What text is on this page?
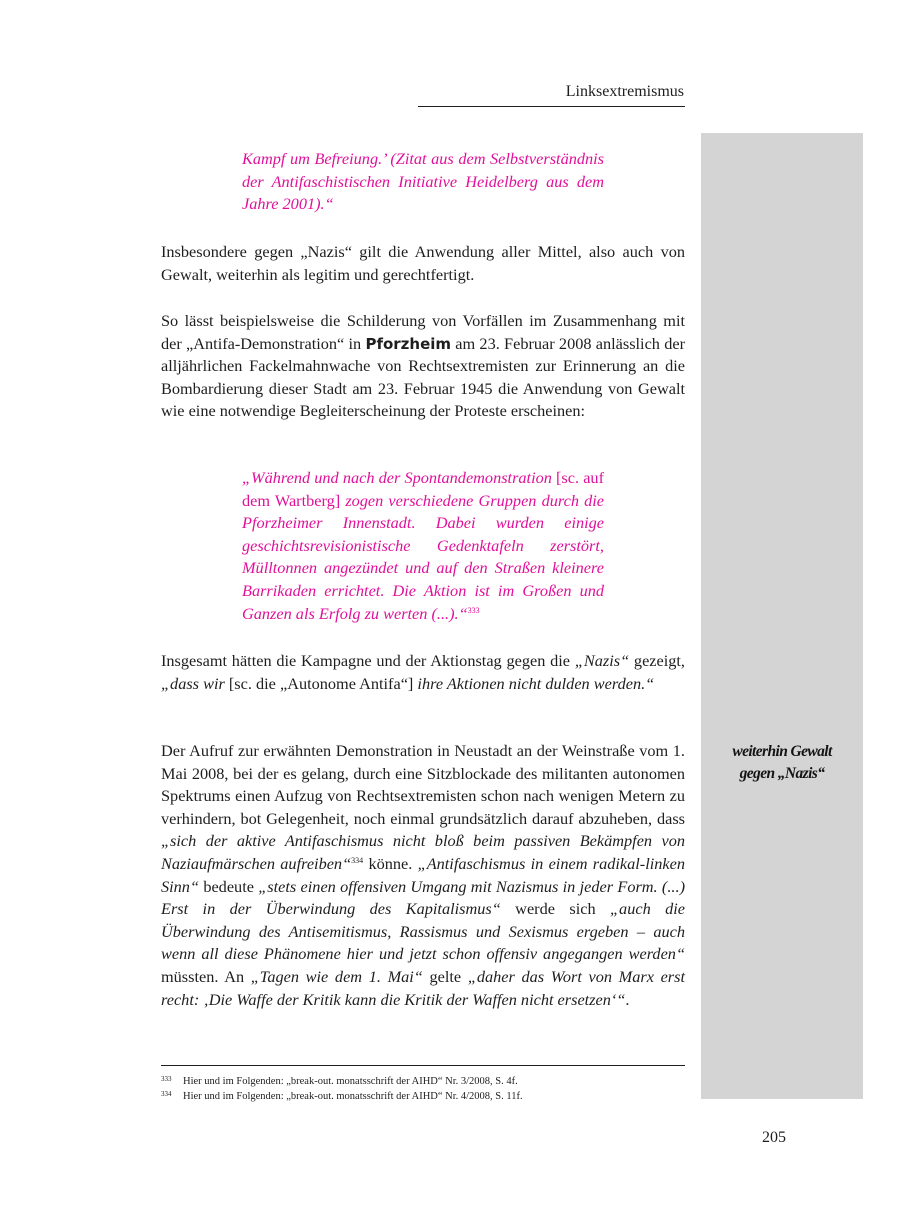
Linksextremismus
weiterhin Gewalt
gegen „Nazis“

Kampf um Befreiung.’ (Zitat aus dem Selbstverständnis der Antifaschistischen Initiative Heidelberg aus dem Jahre 2001).“

Insbesondere gegen „Nazis“ gilt die Anwendung aller Mittel, also auch von Gewalt, weiterhin als legitim und gerechtfertigt.

So lässt beispielsweise die Schilderung von Vorfällen im Zusammenhang mit der „Antifa-Demonstration“ in Pforzheim am 23. Februar 2008 anlässlich der alljährlichen Fackelmahnwache von Rechtsextremisten zur Erinnerung an die Bombardierung dieser Stadt am 23. Februar 1945 die Anwendung von Gewalt wie eine notwendige Begleiterscheinung der Proteste erscheinen:

„Während und nach der Spontandemonstration [sc. auf dem Wartberg] zogen verschiedene Gruppen durch die Pforzheimer Innenstadt. Dabei wurden einige geschichtsrevisionistische Gedenktafeln zerstört, Mülltonnen angezündet und auf den Straßen kleinere Barrikaden errichtet. Die Aktion ist im Großen und Ganzen als Erfolg zu werten (...).“$^{333}$

Insgesamt hätten die Kampagne und der Aktionstag gegen die „Nazis“ gezeigt, „dass wir [sc. die „Autonome Antifa“] ihre Aktionen nicht dulden werden.“

Der Aufruf zur erwähnten Demonstration in Neustadt an der Weinstraße vom 1. Mai 2008, bei der es gelang, durch eine Sitzblockade des militanten autonomen Spektrums einen Aufzug von Rechtsextremisten schon nach wenigen Metern zu verhindern, bot Gelegenheit, noch einmal grundsätzlich darauf abzuheben, dass „sich der aktive Antifaschismus nicht bloß beim passiven Bekämpfen von Naziaufmärschen aufreiben“$^{334}$ könne. „Antifaschismus in einem radikal-linken Sinn“ bedeute „stets einen offensiven Umgang mit Nazismus in jeder Form. (...) Erst in der Überwindung des Kapitalismus“ werde sich „auch die Überwindung des Antisemitismus, Rassismus und Sexismus ergeben – auch wenn all diese Phänomene hier und jetzt schon offensiv angegangen werden“ müssten. An „Tagen wie dem 1. Mai“ gelte „daher das Wort von Marx erst recht: ‚Die Waffe der Kritik kann die Kritik der Waffen nicht ersetzen‘“.

333 Hier und im Folgenden: „break-out. monatsschrift der AIHD“ Nr. 3/2008, S. 4f.
334 Hier und im Folgenden: „break-out. monatsschrift der AIHD“ Nr. 4/2008, S. 11f.
205
